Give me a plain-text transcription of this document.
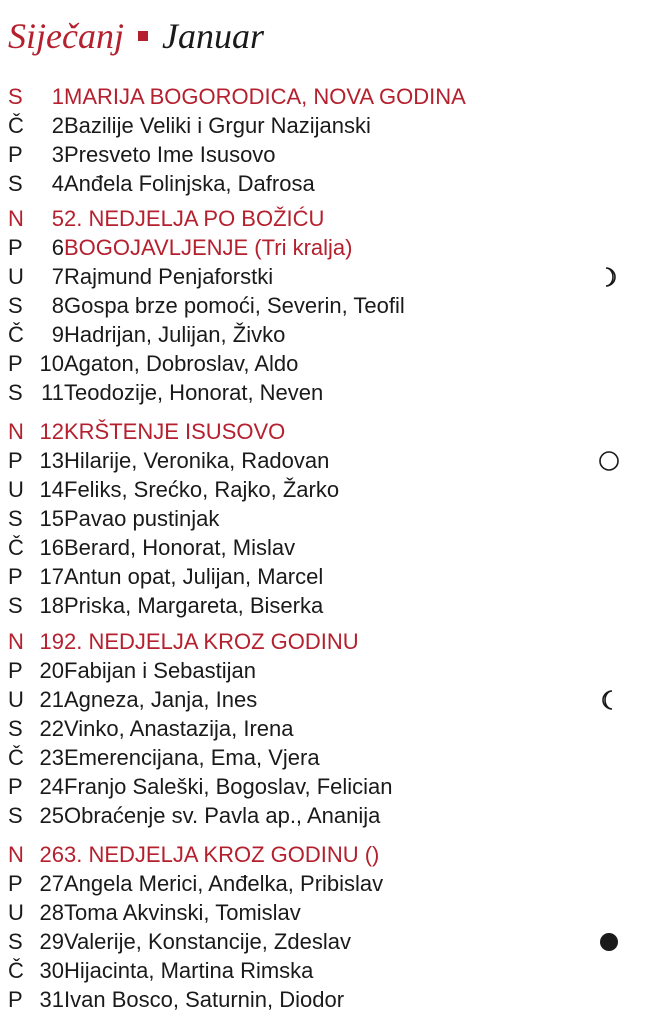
Siječanj Januar
S	1 MARIJA BOGORODICA, NOVA GODINA
Č	2 Bazilije Veliki i Grgur Nazijanski
P	3 Presveto Ime Isusovo
S	4 Anđela Folinjska, Dafrosa
N	5 2. NEDJELJA PO BOŽIĆU
P	6 BOGOJAVLJENJE (Tri kralja)
U	7 Rajmund Penjaforstki
S	8 Gospa brze pomoći, Severin, Teofil
Č	9 Hadrijan, Julijan, Živko
P 10 Agaton, Dobroslav, Aldo
S 11 Teodozije, Honorat, Neven
N 12 KRŠTENJE ISUSOVO
P 13 Hilarije, Veronika, Radovan
U 14 Feliks, Srećko, Rajko, Žarko
S 15 Pavao pustinjak
Č 16 Berard, Honorat, Mislav
P 17 Antun opat, Julijan, Marcel
S 18 Priska, Margareta, Biserka
N 19 2. NEDJELJA KROZ GODINU
P 20 Fabijan i Sebastijan
U 21 Agneza, Janja, Ines
S 22 Vinko, Anastazija, Irena
Č 23 Emerencijana, Ema, Vjera
P 24 Franjo Saleški, Bogoslav, Felician
S 25 Obraćenje sv. Pavla ap., Ananija
N 26 3. NEDJELJA KROZ GODINU ()
P 27 Angela Merici, Anđelka, Pribislav
U 28 Toma Akvinski, Tomislav
S 29 Valerije, Konstancije, Zdeslav
Č 30 Hijacinta, Martina Rimska
P 31 Ivan Bosco, Saturnin, Diodor
